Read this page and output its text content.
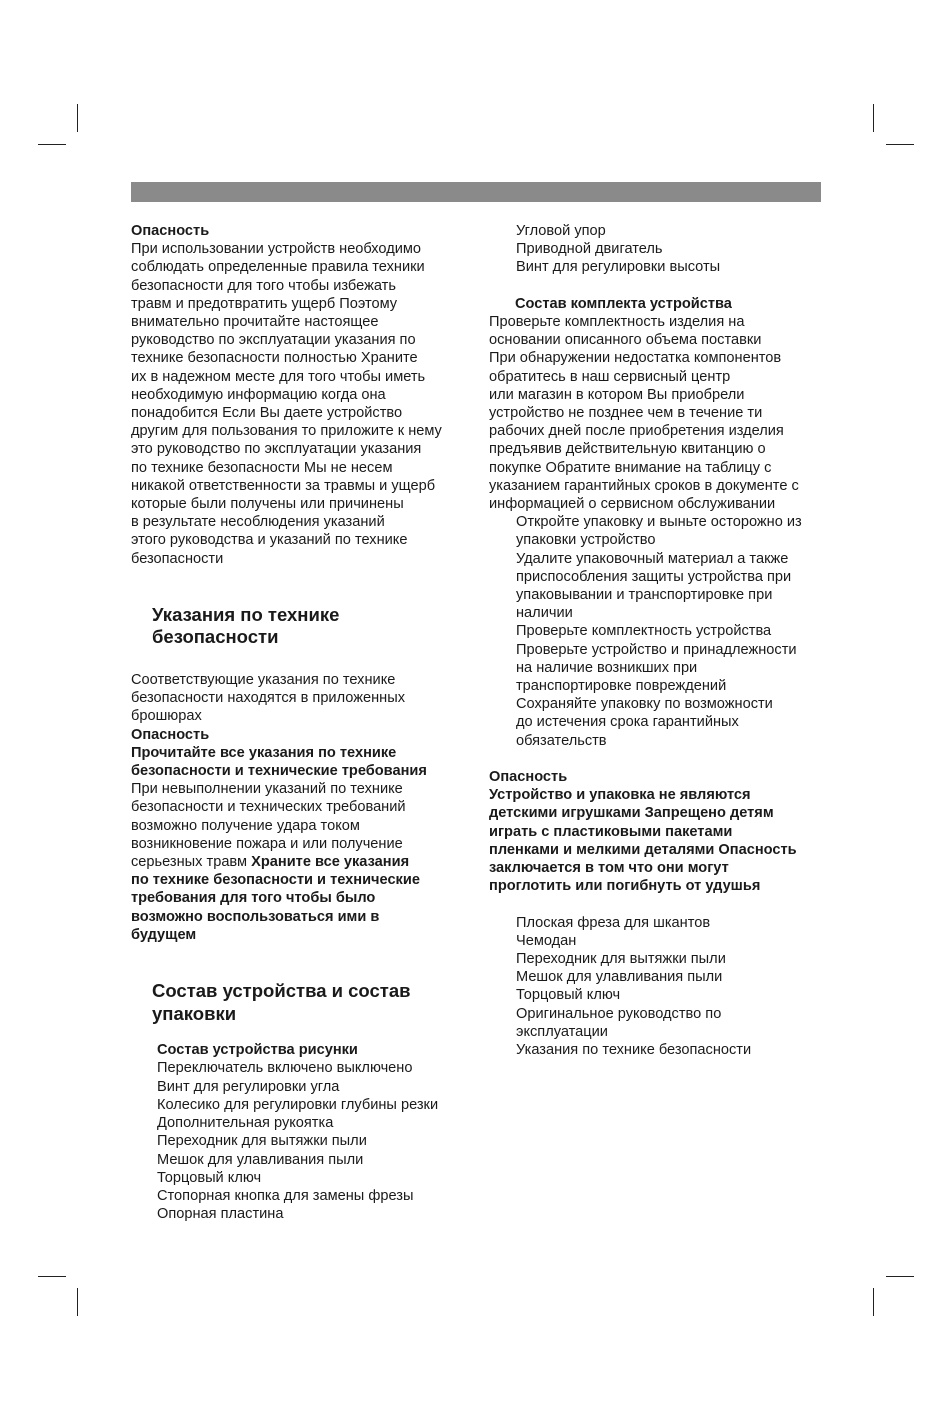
Опасность
При использовании устройств необходимо
соблюдать определенные правила техники
безопасности для того чтобы избежать
травм и предотвратить ущерб Поэтому
внимательно прочитайте настоящее
руководство по эксплуатации указания по
технике безопасности полностью Храните
их в надежном месте для того чтобы иметь
необходимую информацию когда она
понадобится Если Вы даете устройство
другим для пользования то приложите к нему
это руководство по эксплуатации указания
по технике безопасности Мы не несем
никакой ответственности за травмы и ущерб
которые были получены или причинены
в результате несоблюдения указаний
этого руководства и указаний по технике
безопасности
Указания по технике
безопасности
Соответствующие указания по технике
безопасности находятся в приложенных
брошюрах
Опасность
Прочитайте все указания по технике
безопасности и технические требования
При невыполнении указаний по технике
безопасности и технических требований
возможно получение удара током
возникновение пожара и или получение
серьезных травм Храните все указания
по технике безопасности и технические
требования для того чтобы было
возможно воспользоваться ими в
будущем
Состав устройства и состав
упаковки
Состав устройства рисунки
Переключатель включено выключено
Винт для регулировки угла
Колесико для регулировки глубины резки
Дополнительная рукоятка
Переходник для вытяжки пыли
Мешок для улавливания пыли
Торцовый ключ
Стопорная кнопка для замены фрезы
Опорная пластина
Угловой упор
Приводной двигатель
Винт для регулировки высоты
Состав комплекта устройства
Проверьте комплектность изделия на
основании описанного объема поставки
При обнаружении недостатка компонентов
обратитесь в наш сервисный центр
или магазин в котором Вы приобрели
устройство не позднее чем в течение ти
рабочих дней после приобретения изделия
предъявив действительную квитанцию о
покупке Обратите внимание на таблицу с
указанием гарантийных сроков в документе с
информацией о сервисном обслуживании
Откройте упаковку и выньте осторожно из
упаковки устройство
Удалите упаковочный материал а также
приспособления защиты устройства при
упаковывании и транспортировке при
наличии
Проверьте комплектность устройства
Проверьте устройство и принадлежности
на наличие возникших при
транспортировке повреждений
Сохраняйте упаковку по возможности
до истечения срока гарантийных
обязательств
Опасность
Устройство и упаковка не являются
детскими игрушками Запрещено детям
играть с пластиковыми пакетами
пленками и мелкими деталями Опасность
заключается в том что они могут
проглотить или погибнуть от удушья
Плоская фреза для шкантов
Чемодан
Переходник для вытяжки пыли
Мешок для улавливания пыли
Торцовый ключ
Оригинальное руководство по
эксплуатации
Указания по технике безопасности
